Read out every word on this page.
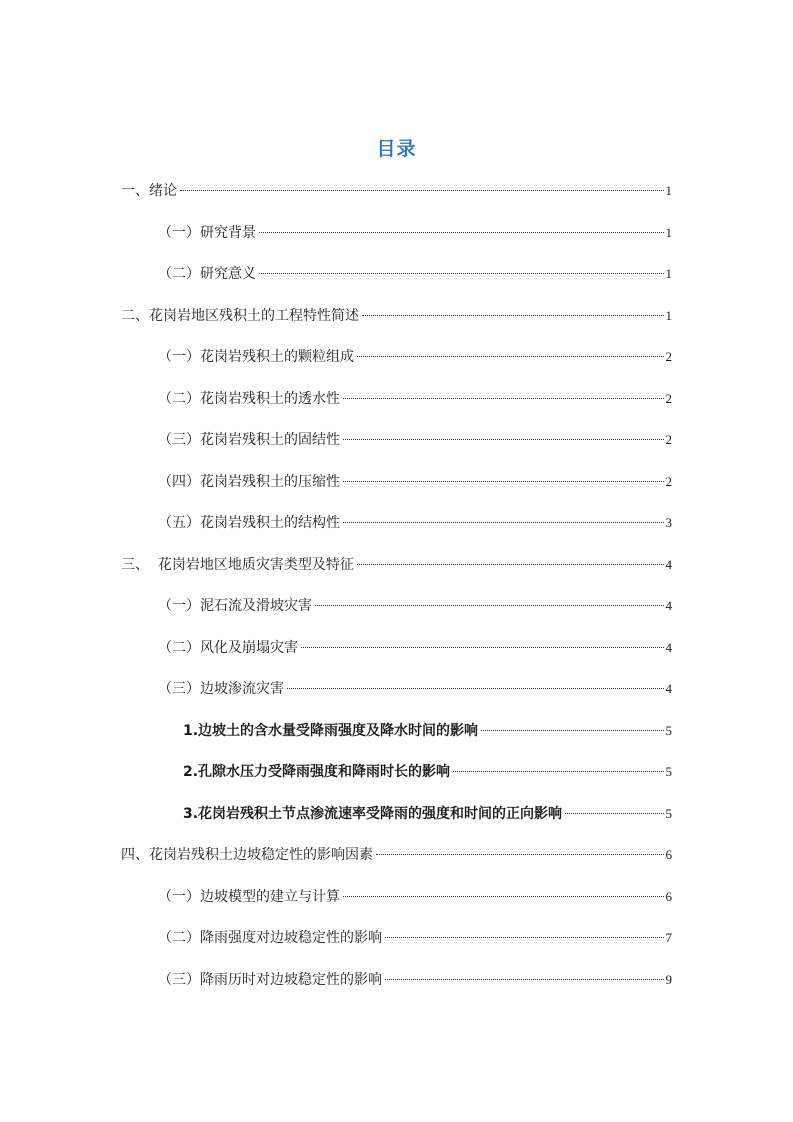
目录
一、绪论	1
（一）研究背景	1
（二）研究意义	1
二、花岗岩地区残积土的工程特性简述	1
（一）花岗岩残积土的颗粒组成	2
（二）花岗岩残积土的透水性	2
（三）花岗岩残积土的固结性	2
（四）花岗岩残积土的压缩性	2
（五）花岗岩残积土的结构性	3
三、  花岗岩地区地质灾害类型及特征	4
（一）泥石流及滑坡灾害	4
（二）风化及崩塌灾害	4
（三）边坡渗流灾害	4
1.边坡土的含水量受降雨强度及降水时间的影响	5
2.孔隙水压力受降雨强度和降雨时长的影响	5
3.花岗岩残积土节点渗流速率受降雨的强度和时间的正向影响	5
四、花岗岩残积土边坡稳定性的影响因素	6
（一）边坡模型的建立与计算	6
（二）降雨强度对边坡稳定性的影响	7
（三）降雨历时对边坡稳定性的影响	9
